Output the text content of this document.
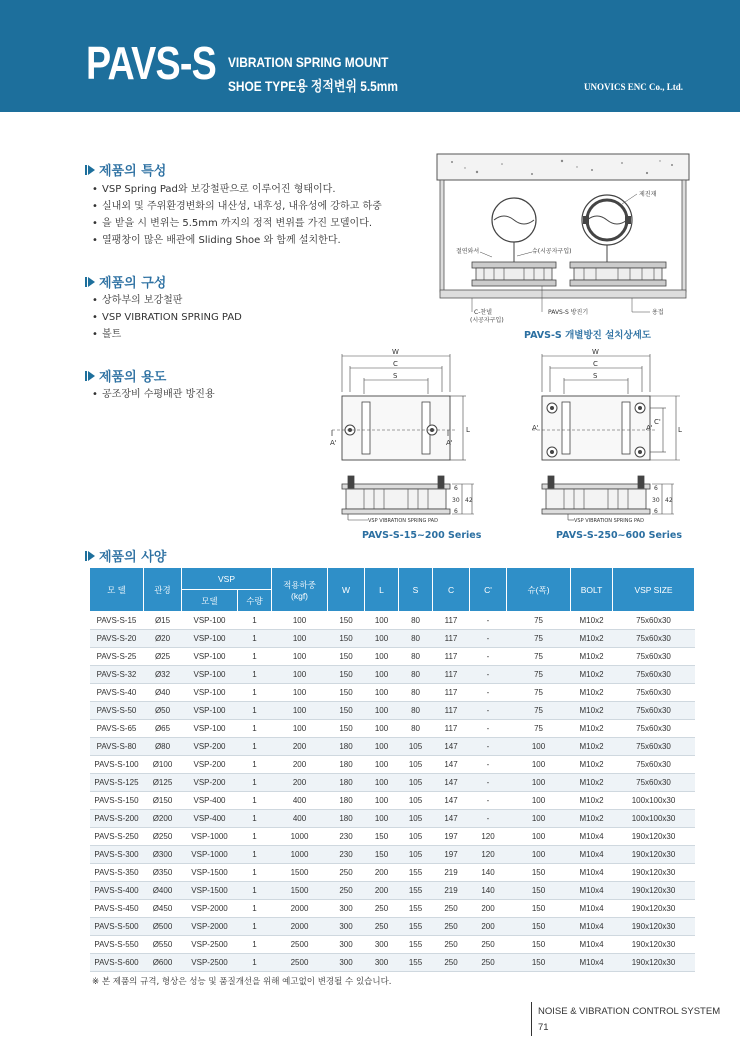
PAVS-S VIBRATION SPRING MOUNT
SHOE TYPE용 정적변위 5.5mm	UNOVICS ENC Co., Ltd.
제품의 특성
• VSP Spring Pad와 보강철판으로 이루어진 형태이다.
• 실내외 및 주위환경변화의 내산성, 내후성, 내유성에 강하고 하중
• 을 받을 시 변위는 5.5mm 까지의 정적 변위를 가진 모델이다.
• 열팽창이 많은 배관에 Sliding Shoe 와 함께 설치한다.
제품의 구성
• 상하부의 보강철판
• VSP VIBRATION SPRING PAD
• 볼트
제품의 용도
• 공조장비 수평배관 방진용
제진재
절연와셔	슈(시공자구입)
C-찬넬
(시공자구입)
PAVS-S 방진기	용접
PAVS-S 개별방진 설치상세도
W
C
S
L
A'	A'
6
30
6
42
VSP VIBRATION SPRING PAD
PAVS-S-15~200 Series
W
C
S
L
C'
A'	A'
6
30
6
42
VSP VIBRATION SPRING PAD
PAVS-S-250~600 Series
제품의 사양
모 델	관경	VSP		적용하중
(kgf)	W	L	S	C	C'	슈(폭)	BOLT	VSP SIZE
		모델	수량									
PAVS-S-15	Ø15	VSP-100	1	100	150	100	80	117	-	75	M10x2	75x60x30
PAVS-S-20	Ø20	VSP-100	1	100	150	100	80	117	-	75	M10x2	75x60x30
PAVS-S-25	Ø25	VSP-100	1	100	150	100	80	117	-	75	M10x2	75x60x30
PAVS-S-32	Ø32	VSP-100	1	100	150	100	80	117	-	75	M10x2	75x60x30
PAVS-S-40	Ø40	VSP-100	1	100	150	100	80	117	-	75	M10x2	75x60x30
PAVS-S-50	Ø50	VSP-100	1	100	150	100	80	117	-	75	M10x2	75x60x30
PAVS-S-65	Ø65	VSP-100	1	100	150	100	80	117	-	75	M10x2	75x60x30
PAVS-S-80	Ø80	VSP-200	1	200	180	100	105	147	-	100	M10x2	75x60x30
PAVS-S-100	Ø100	VSP-200	1	200	180	100	105	147	-	100	M10x2	75x60x30
PAVS-S-125	Ø125	VSP-200	1	200	180	100	105	147	-	100	M10x2	75x60x30
PAVS-S-150	Ø150	VSP-400	1	400	180	100	105	147	-	100	M10x2	100x100x30
PAVS-S-200	Ø200	VSP-400	1	400	180	100	105	147	-	100	M10x2	100x100x30
PAVS-S-250	Ø250	VSP-1000	1	1000	230	150	105	197	120	100	M10x4	190x120x30
PAVS-S-300	Ø300	VSP-1000	1	1000	230	150	105	197	120	100	M10x4	190x120x30
PAVS-S-350	Ø350	VSP-1500	1	1500	250	200	155	219	140	150	M10x4	190x120x30
PAVS-S-400	Ø400	VSP-1500	1	1500	250	200	155	219	140	150	M10x4	190x120x30
PAVS-S-450	Ø450	VSP-2000	1	2000	300	250	155	250	200	150	M10x4	190x120x30
PAVS-S-500	Ø500	VSP-2000	1	2000	300	250	155	250	200	150	M10x4	190x120x30
PAVS-S-550	Ø550	VSP-2500	1	2500	300	300	155	250	250	150	M10x4	190x120x30
PAVS-S-600	Ø600	VSP-2500	1	2500	300	300	155	250	250	150	M10x4	190x120x30
※ 본 제품의 규격, 형상은 성능 및 품질개선을 위해 예고없이 변경될 수 있습니다.
NOISE & VIBRATION CONTROL SYSTEM
71
